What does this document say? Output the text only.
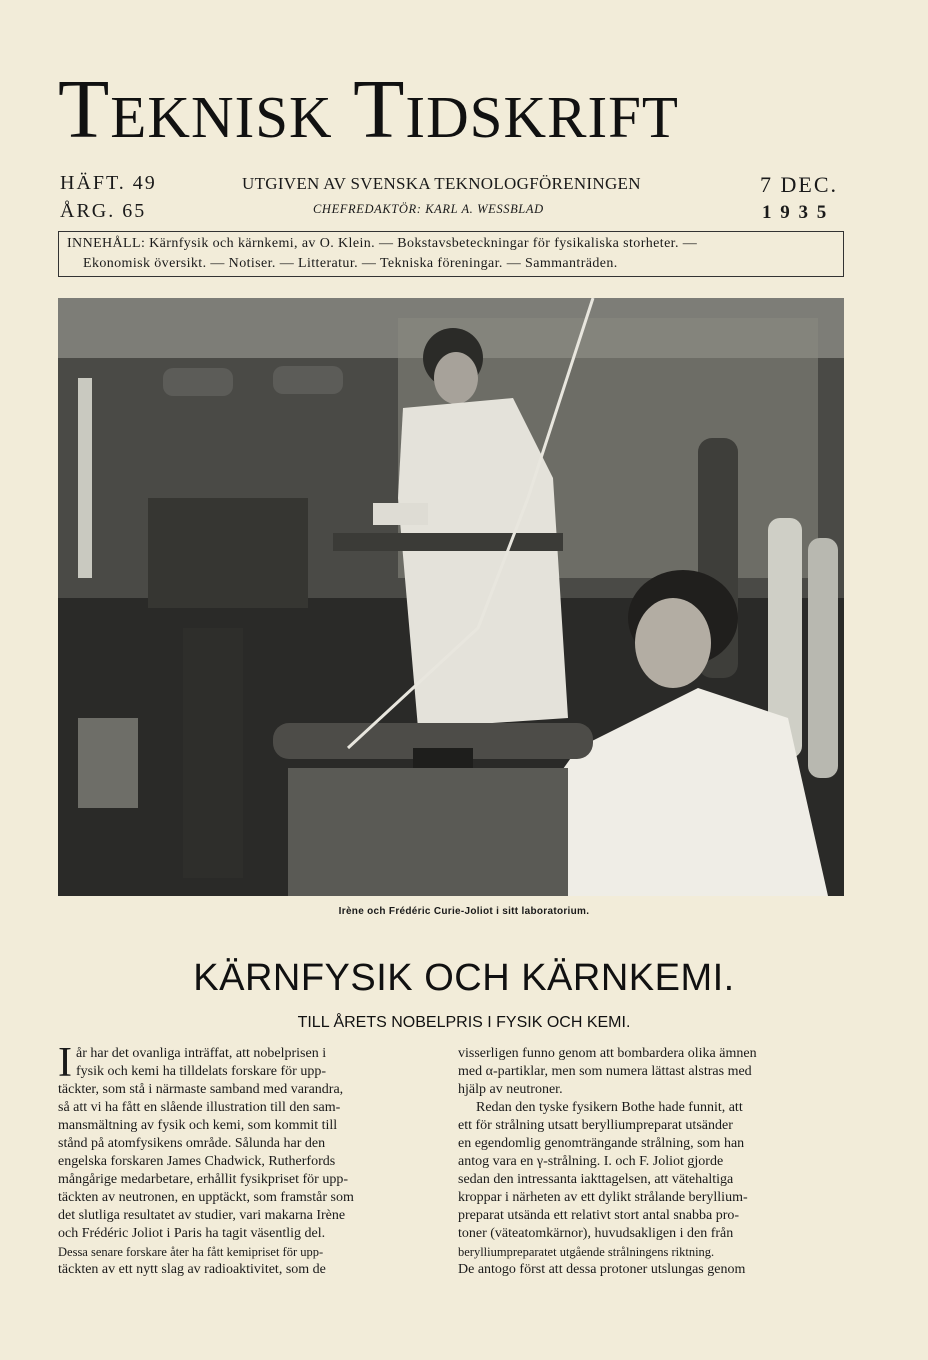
Teknisk Tidskrift
HÄFT. 49
ÅRG. 65
UTGIVEN AV SVENSKA TEKNOLOGFÖRENINGEN
CHEFREDAKTÖR: KARL A. WESSBLAD
7 DEC.
1 9 3 5
INNEHÅLL: Kärnfysik och kärnkemi, av O. Klein. — Bokstavsbeteckningar för fysikaliska storheter. —
Ekonomisk översikt. — Notiser. — Litteratur. — Tekniska föreningar. — Sammanträden.
Irène och Frédéric Curie-Joliot i sitt laboratorium.
KÄRNFYSIK OCH KÄRNKEMI.
TILL ÅRETS NOBELPRIS I FYSIK OCH KEMI.
I år har det ovanliga inträffat, att nobelprisen i

fysik och kemi ha tilldelats forskare för upp-

täckter, som stå i närmaste samband med varandra,

så att vi ha fått en slående illustration till den sam-

mansmältning av fysik och kemi, som kommit till

stånd på atomfysikens område. Sålunda har den

engelska forskaren James Chadwick, Rutherfords

mångårige medarbetare, erhållit fysikpriset för upp-

täckten av neutronen, en upptäckt, som framstår som

det slutliga resultatet av studier, vari makarna Irène

och Frédéric Joliot i Paris ha tagit väsentlig del.

Dessa senare forskare åter ha fått kemipriset för upp-

täckten av ett nytt slag av radioaktivitet, som de

visserligen funno genom att bombardera olika ämnen

med α-partiklar, men som numera lättast alstras med

hjälp av neutroner.

Redan den tyske fysikern Bothe hade funnit, att

ett för strålning utsatt berylliumpreparat utsänder

en egendomlig genomträngande strålning, som han

antog vara en γ-strålning. I. och F. Joliot gjorde

sedan den intressanta iakttagelsen, att vätehaltiga

kroppar i närheten av ett dylikt strålande beryllium-

preparat utsända ett relativt stort antal snabba pro-

toner (väteatomkärnor), huvudsakligen i den från

berylliumpreparatet utgående strålningens riktning.

De antogo först att dessa protoner utslungas genom
